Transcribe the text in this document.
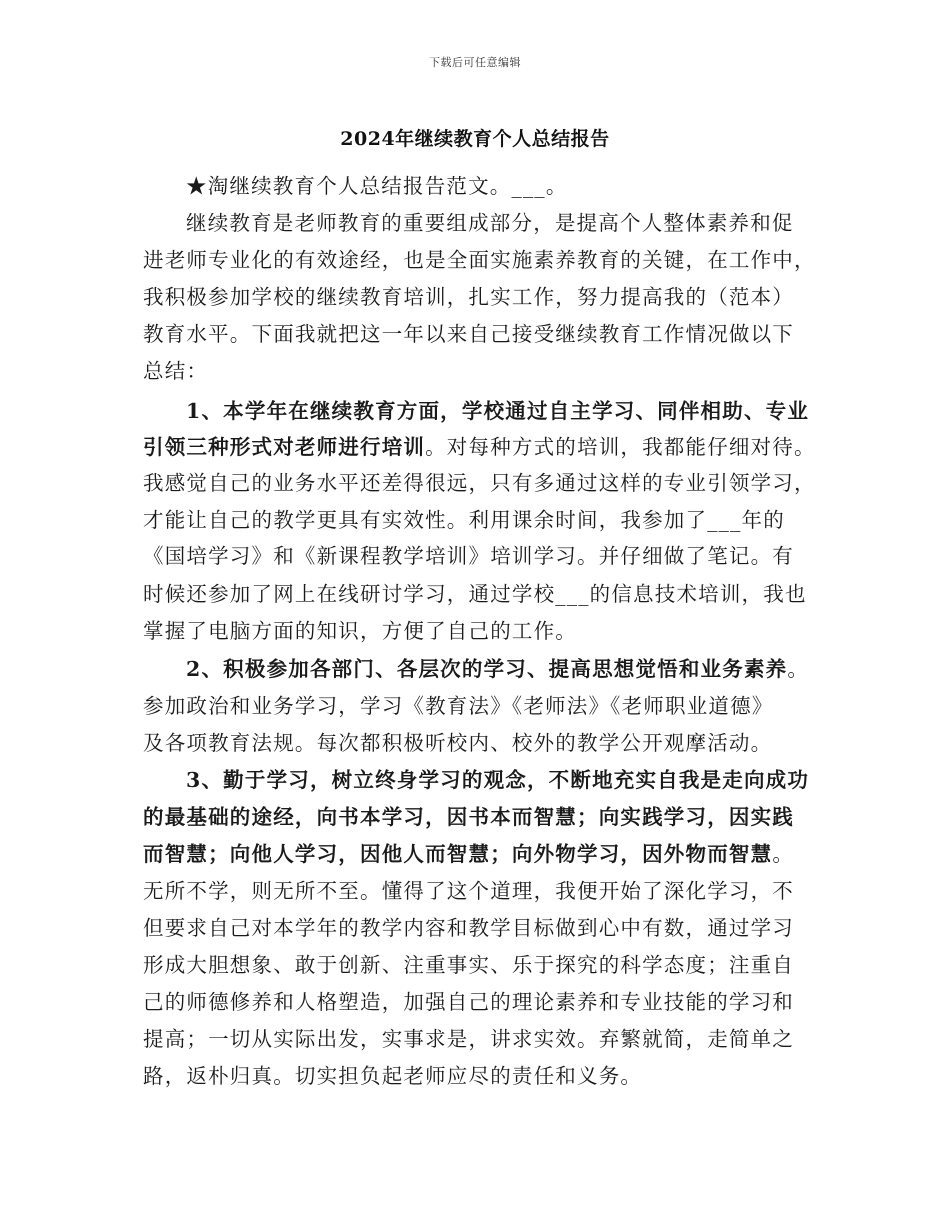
下载后可任意编辑
2024年继续教育个人总结报告
★淘继续教育个人总结报告范文。___。
继续教育是老师教育的重要组成部分，是提高个人整体素养和促
进老师专业化的有效途经，也是全面实施素养教育的关键，在工作中，
我积极参加学校的继续教育培训，扎实工作，努力提高我的（范本）
教育水平。下面我就把这一年以来自己接受继续教育工作情况做以下
总结：
1、本学年在继续教育方面，学校通过自主学习、同伴相助、专业
引领三种形式对老师进行培训。对每种方式的培训，我都能仔细对待。
我感觉自己的业务水平还差得很远，只有多通过这样的专业引领学习，
才能让自己的教学更具有实效性。利用课余时间，我参加了___年的
《国培学习》和《新课程教学培训》培训学习。并仔细做了笔记。有
时候还参加了网上在线研讨学习，通过学校___的信息技术培训，我也
掌握了电脑方面的知识，方便了自己的工作。
2、积极参加各部门、各层次的学习、提高思想觉悟和业务素养。
参加政治和业务学习，学习《教育法》《老师法》《老师职业道德》
及各项教育法规。每次都积极听校内、校外的教学公开观摩活动。
3、勤于学习，树立终身学习的观念，不断地充实自我是走向成功
的最基础的途经，向书本学习，因书本而智慧；向实践学习，因实践
而智慧；向他人学习，因他人而智慧；向外物学习，因外物而智慧。
无所不学，则无所不至。懂得了这个道理，我便开始了深化学习，不
但要求自己对本学年的教学内容和教学目标做到心中有数，通过学习
形成大胆想象、敢于创新、注重事实、乐于探究的科学态度；注重自
己的师德修养和人格塑造，加强自己的理论素养和专业技能的学习和
提高；一切从实际出发，实事求是，讲求实效。弃繁就简，走简单之
路，返朴归真。切实担负起老师应尽的责任和义务。
